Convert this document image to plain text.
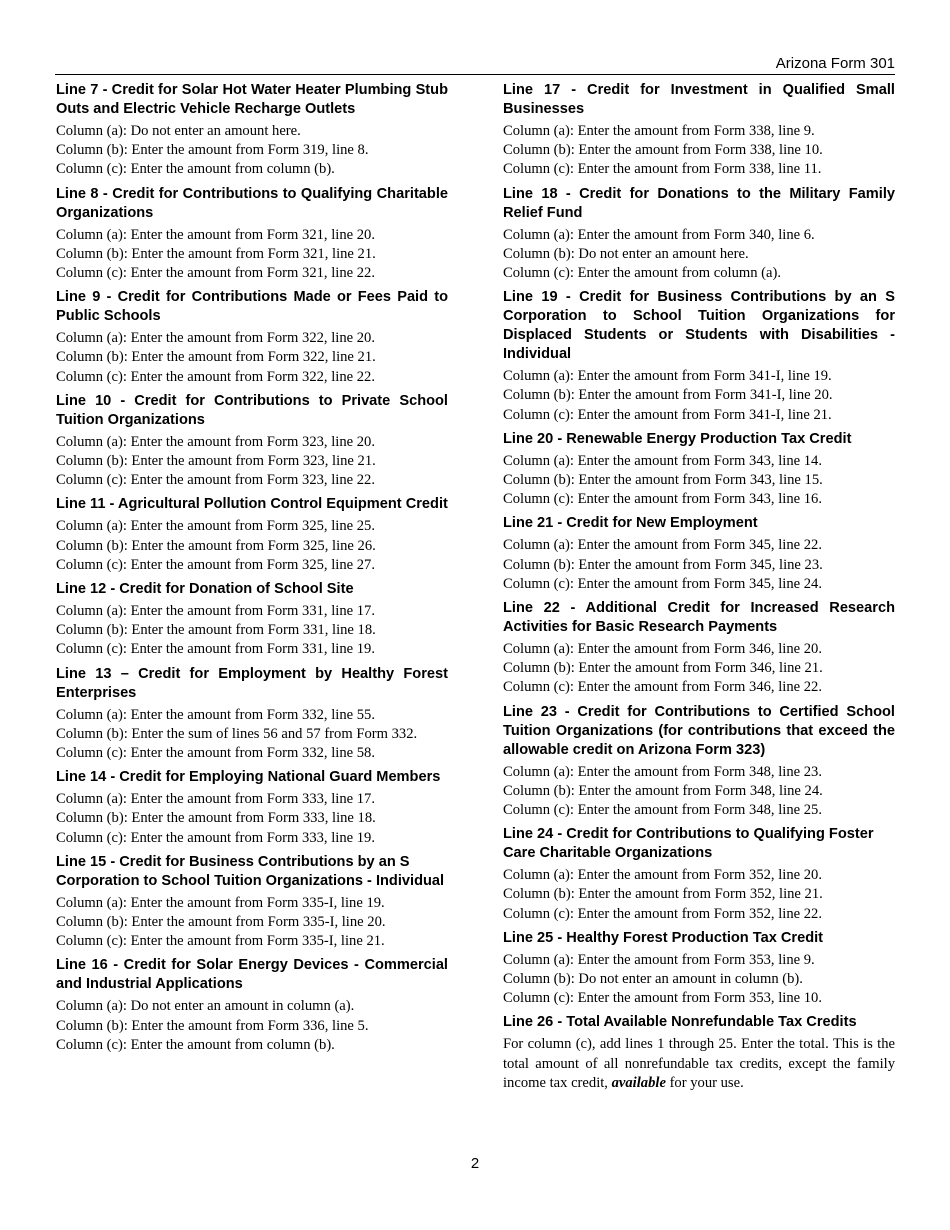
Arizona Form 301
Line 7 - Credit for Solar Hot Water Heater Plumbing Stub Outs and Electric Vehicle Recharge Outlets
Column (a): Do not enter an amount here.
Column (b): Enter the amount from Form 319, line 8.
Column (c): Enter the amount from column (b).
Line 8 - Credit for Contributions to Qualifying Charitable Organizations
Column (a): Enter the amount from Form 321, line 20.
Column (b): Enter the amount from Form 321, line 21.
Column (c): Enter the amount from Form 321, line 22.
Line 9 - Credit for Contributions Made or Fees Paid to Public Schools
Column (a): Enter the amount from Form 322, line 20.
Column (b): Enter the amount from Form 322, line 21.
Column (c): Enter the amount from Form 322, line 22.
Line 10 - Credit for Contributions to Private School Tuition Organizations
Column (a): Enter the amount from Form 323, line 20.
Column (b): Enter the amount from Form 323, line 21.
Column (c): Enter the amount from Form 323, line 22.
Line 11 - Agricultural Pollution Control Equipment Credit
Column (a): Enter the amount from Form 325, line 25.
Column (b): Enter the amount from Form 325, line 26.
Column (c): Enter the amount from Form 325, line 27.
Line 12 - Credit for Donation of School Site
Column (a): Enter the amount from Form 331, line 17.
Column (b): Enter the amount from Form 331, line 18.
Column (c): Enter the amount from Form 331, line 19.
Line 13 – Credit for Employment by Healthy Forest Enterprises
Column (a): Enter the amount from Form 332, line 55.
Column (b): Enter the sum of lines 56 and 57 from Form 332.
Column (c): Enter the amount from Form 332, line 58.
Line 14 - Credit for Employing National Guard Members
Column (a): Enter the amount from Form 333, line 17.
Column (b): Enter the amount from Form 333, line 18.
Column (c): Enter the amount from Form 333, line 19.
Line 15 - Credit for Business Contributions by an S Corporation to School Tuition Organizations - Individual
Column (a): Enter the amount from Form 335-I, line 19.
Column (b): Enter the amount from Form 335-I, line 20.
Column (c): Enter the amount from Form 335-I, line 21.
Line 16 - Credit for Solar Energy Devices - Commercial and Industrial Applications
Column (a): Do not enter an amount in column (a).
Column (b): Enter the amount from Form 336, line 5.
Column (c): Enter the amount from column (b).
Line 17 - Credit for Investment in Qualified Small Businesses
Column (a): Enter the amount from Form 338, line 9.
Column (b): Enter the amount from Form 338, line 10.
Column (c): Enter the amount from Form 338, line 11.
Line 18 - Credit for Donations to the Military Family Relief Fund
Column (a): Enter the amount from Form 340, line 6.
Column (b): Do not enter an amount here.
Column (c): Enter the amount from column (a).
Line 19 - Credit for Business Contributions by an S Corporation to School Tuition Organizations for Displaced Students or Students with Disabilities - Individual
Column (a): Enter the amount from Form 341-I, line 19.
Column (b): Enter the amount from Form 341-I, line 20.
Column (c): Enter the amount from Form 341-I, line 21.
Line 20 - Renewable Energy Production Tax Credit
Column (a): Enter the amount from Form 343, line 14.
Column (b): Enter the amount from Form 343, line 15.
Column (c): Enter the amount from Form 343, line 16.
Line 21 - Credit for New Employment
Column (a): Enter the amount from Form 345, line 22.
Column (b): Enter the amount from Form 345, line 23.
Column (c): Enter the amount from Form 345, line 24.
Line 22 - Additional Credit for Increased Research Activities for Basic Research Payments
Column (a): Enter the amount from Form 346, line 20.
Column (b): Enter the amount from Form 346, line 21.
Column (c): Enter the amount from Form 346, line 22.
Line 23 - Credit for Contributions to Certified School Tuition Organizations (for contributions that exceed the allowable credit on Arizona Form 323)
Column (a): Enter the amount from Form 348, line 23.
Column (b): Enter the amount from Form 348, line 24.
Column (c): Enter the amount from Form 348, line 25.
Line 24 - Credit for Contributions to Qualifying Foster Care Charitable Organizations
Column (a): Enter the amount from Form 352, line 20.
Column (b): Enter the amount from Form 352, line 21.
Column (c): Enter the amount from Form 352, line 22.
Line 25 - Healthy Forest Production Tax Credit
Column (a): Enter the amount from Form 353, line 9.
Column (b): Do not enter an amount in column (b).
Column (c): Enter the amount from Form 353, line 10.
Line 26 - Total Available Nonrefundable Tax Credits
For column (c), add lines 1 through 25. Enter the total. This is the total amount of all nonrefundable tax credits, except the family income tax credit, available for your use.
2
